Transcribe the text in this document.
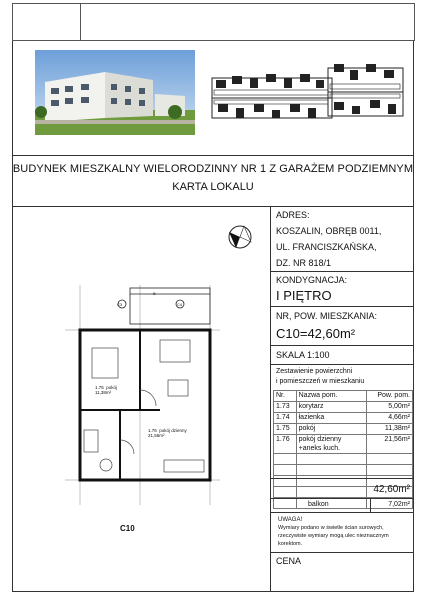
BUDYNEK MIESZKALNY WIELORODZINNY NR 1 Z GARAŻEM PODZIEMNYM
KARTA LOKALU
ADRES:
KOSZALIN, OBRĘB 0011,
UL. FRANCISZKAŃSKA,
DZ. NR 818/1
KONDYGNACJA:
I PIĘTRO
NR, POW. MIESZKANIA:
C10=42,60m²
SKALA 1:100
Zestawienie powierzchni
i pomieszczeń w mieszkaniu
Nr.	Nazwa pom.	Pow. pom.
1.73	korytarz	5,00m²
1.74	łazienka	4,66m²
1.75	pokój	11,38m²
1.76	pokój dzienny +aneks kuch.	21,56m²

42,60m²
balkon	7,02m²
UWAGA!
Wymiary podano w świetle ścian surowych,
rzeczywiste wymiary mogą ulec nieznacznym
korektom.
CENA
C3	C4
B
1.75  pokój
11,38m²
1.76  pokój dzienny
21,56m²
C10
